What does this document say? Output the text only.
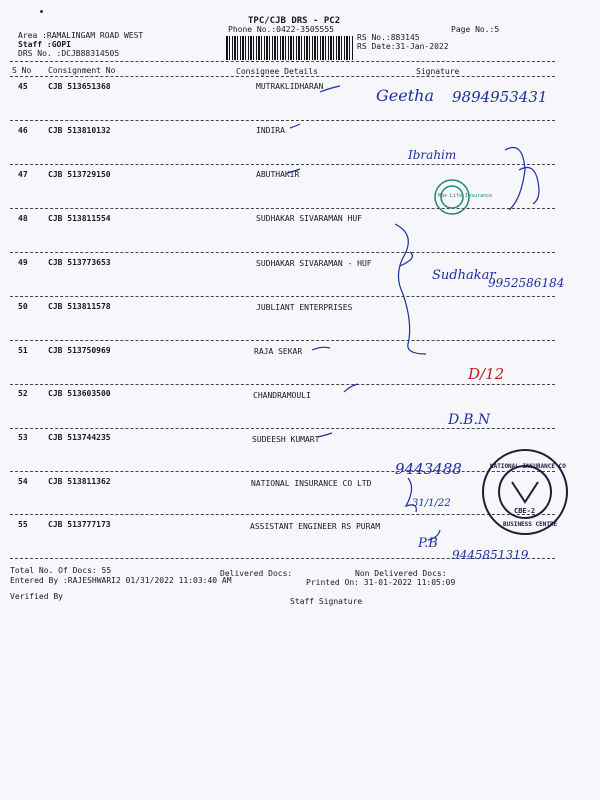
TPC/CJB DRS - PC2
Phone No.:0422-3505555	Page No.:5
Area :RAMALINGAM ROAD WEST
Staff :GOPI
DRS No. :DCJB88314505
RS No.:883145
RS Date:31-Jan-2022
S No Consignment No	Consignee Details	Signature
45	CJB 513651368	MUTRAKLIDHARAN
46	CJB 513810132	INDIRA
47	CJB 513729150	ABUTHAKIR
48	CJB 513811554	SUDHAKAR SIVARAMAN HUF
49	CJB 513773653	SUDHAKAR SIVARAMAN - HUF
50	CJB 513811578	JUBLIANT ENTERPRISES
51	CJB 513750969	RAJA SEKAR
52	CJB 513603500	CHANDRAMOULI
53	CJB 513744235	SUDEESH KUMART
54	CJB 513811362	NATIONAL INSURANCE CO LTD
55	CJB 513777173	ASSISTANT ENGINEER RS PURAM
Max Life Insurance
NATIONAL INSURANCE CO
BUSINESS CENTRE
CBE-2
Geetha 9894953431
Ibrahim
Sudhakar
9952586184
D/12
D.B.N
9443488
31/1/22
P.B
9445851319
Total No. Of Docs: 55	Delivered Docs:	Non Delivered Docs:
Entered By :RAJESHWARI2 01/31/2022 11:03:40 AM	Printed On: 31-01-2022 11:05:09
Verified By
Staff Signature
